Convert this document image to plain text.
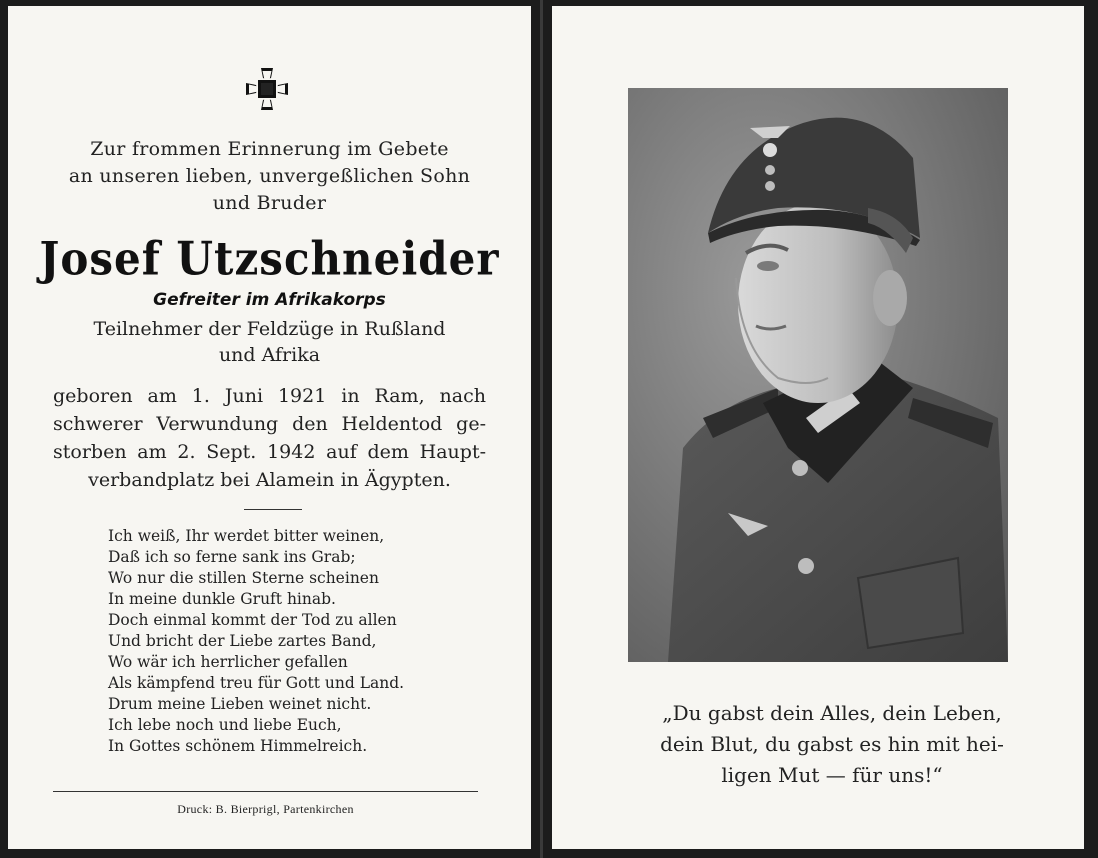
Zur frommen Erinnerung im Gebete
an unseren lieben, unvergeßlichen Sohn
und Bruder
Josef Utzschneider
Gefreiter im Afrikakorps
Teilnehmer der Feldzüge in Rußland
und Afrika
geboren am 1. Juni 1921 in Ram, nach
schwerer Verwundung den Heldentod ge-
storben am 2. Sept. 1942 auf dem Haupt-
verbandplatz bei Alamein in Ägypten.
Ich weiß, Ihr werdet bitter weinen,
Daß ich so ferne sank ins Grab;
Wo nur die stillen Sterne scheinen
In meine dunkle Gruft hinab.
Doch einmal kommt der Tod zu allen
Und bricht der Liebe zartes Band,
Wo wär ich herrlicher gefallen
Als kämpfend treu für Gott und Land.
Drum meine Lieben weinet nicht.
Ich lebe noch und liebe Euch,
In Gottes schönem Himmelreich.
Druck: B. Bierprigl, Partenkirchen
„Du gabst dein Alles, dein Leben,
dein Blut, du gabst es hin mit hei-
ligen Mut — für uns!“
